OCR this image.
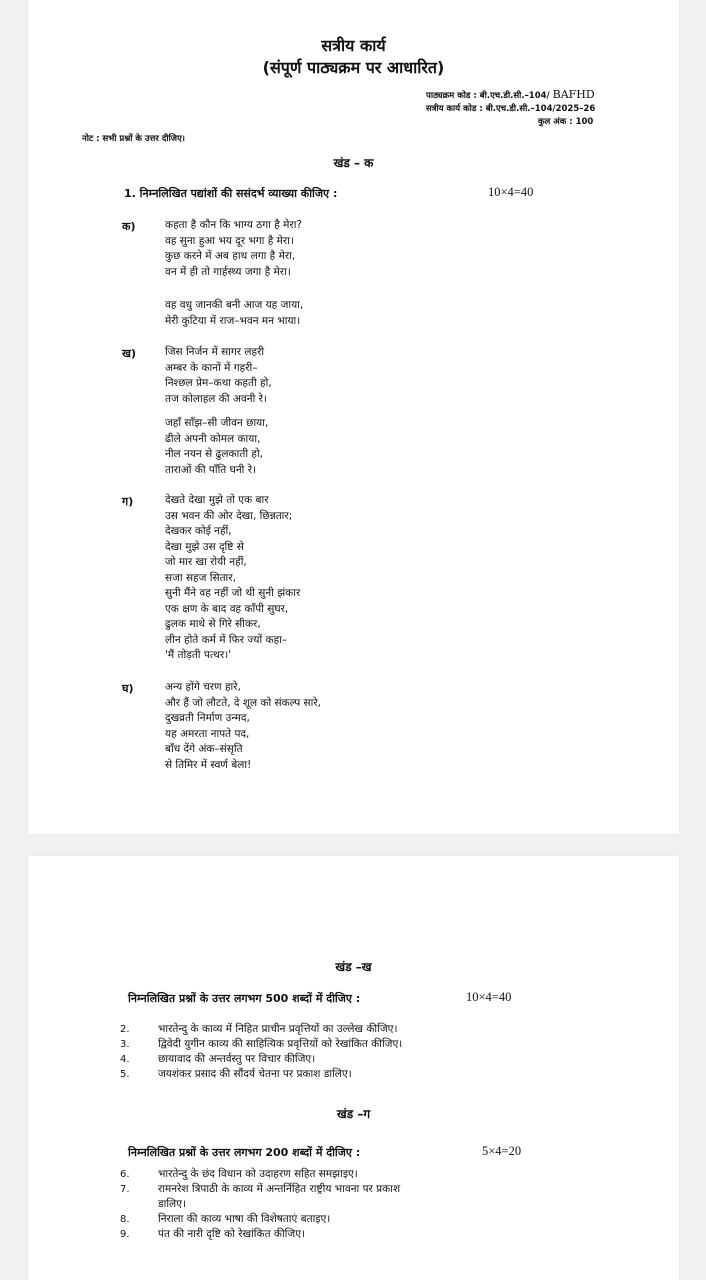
सत्रीय कार्य
(संपूर्ण पाठ्यक्रम पर आधारित)
पाठ्यक्रम कोड : बी.एच.डी.सी.–104/ BAFHD
सत्रीय कार्य कोड : बी.एच.डी.सी.–104/2025–26
कुल अंक : 100
नोट : सभी प्रश्नों के उत्तर दीजिए।
खंड – क
1. निम्नलिखित पद्यांशों की ससंदर्भ व्याख्या कीजिए :	10×4=40
क)	कहता है कौन कि भाग्य ठगा है मेरा?
वह सुना हुआ भय दूर भगा है मेरा।
कुछ करने में अब हाथ लगा है मेरा,
वन में ही तो गार्हस्थ्य जगा है मेरा।
वह वधु जानकी बनी आज यह जाया,
मेरी कुटिया में राज–भवन मन भाया।
ख)	जिस निर्जन में सागर लहरी
अम्बर के कानों में गहरी–
निश्छल प्रेम–कथा कहती हो,
तज कोलाहल की अवनी रे।
जहाँ साँझ–सी जीवन छाया,
ढीले अपनी कोमल काया,
नील नयन से ढुलकाती हो,
ताराओं की पाँति घनी रे।
ग)	देखते देखा मुझे तो एक बार
उस भवन की ओर देखा, छिन्नतार;
देखकर कोई नहीं,
देखा मुझे उस दृष्टि से
जो मार खा रोयी नहीं,
सजा सहज सितार,
सुनी मैंने वह नहीं जो थी सुनी झंकार
एक क्षण के बाद वह काँपी सुघर,
ढुलक माथे से गिरे सीकर,
लीन होते कर्म में फिर ज्यों कहा–
'मैं तोड़ती पत्थर।'
घ)	अन्य होंगे चरण हारे,
और हैं जो लौटते, दे शूल को संकल्प सारे,
दुखव्रती निर्माण उन्मद,
यह अमरता नापते पद,
बाँध देंगे अंक–संसृति
से तिमिर में स्वर्ण बेला!
खंड –ख
निम्नलिखित प्रश्नों के उत्तर लगभग 500 शब्दों में दीजिए :	10×4=40
2.	भारतेन्दु के काव्य में निहित प्राचीन प्रवृत्तियों का उल्लेख कीजिए।
3.	द्विवेदी युगीन काव्य की साहित्यिक प्रवृत्तियों को रेखांकित कीजिए।
4.	छायावाद की अन्तर्वस्तु पर विचार कीजिए।
5.	जयशंकर प्रसाद की सौंदर्य चेतना पर प्रकाश डालिए।
खंड –ग
निम्नलिखित प्रश्नों के उत्तर लगभग 200 शब्दों में दीजिए :	5×4=20
6.	भारतेन्दु के छंद विधान को उदाहरण सहित समझाइए।
7.	रामनरेश त्रिपाठी के काव्य में अन्तर्निहित राष्ट्रीय भावना पर प्रकाश
डालिए।
8.	निराला की काव्य भाषा की विशेषताएं बताइए।
9.	पंत की नारी दृष्टि को रेखांकित कीजिए।
